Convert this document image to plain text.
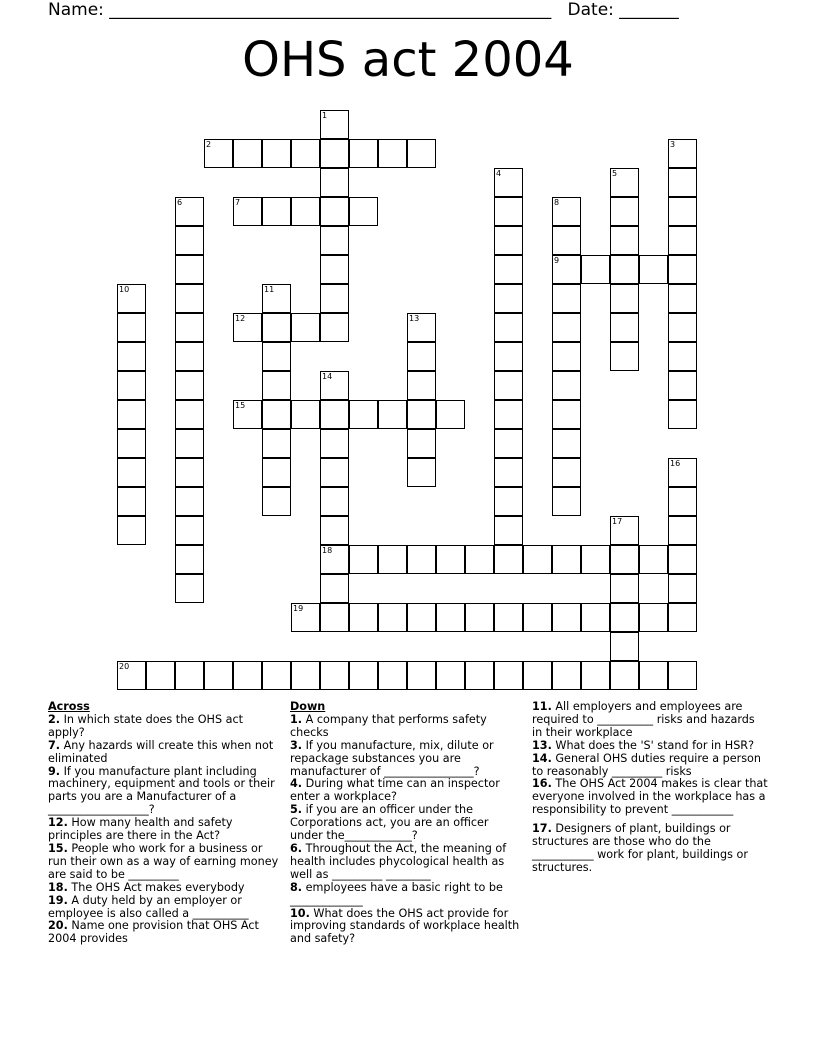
Name: ____________________________________________________ Date: _______
OHS act 2004
1
2	3
4	5
6	7	8
9
10	11
12	13
14
18
15
16
17
19
20
Across

2. In which state does the OHS act apply?

7. Any hazards will create this when not eliminated

9. If you manufacture plant including machinery, equipment and tools or their parts you are a Manufacturer of a __________________?

12. How many health and safety principles are there in the Act?

15. People who work for a business or run their own as a way of earning money are said to be _________

18. The OHS Act makes everybody

19. A duty held by an employer or employee is also called a __________

20. Name one provision that OHS Act 2004 provides

Down

1. A company that performs safety checks

3. If you manufacture, mix, dilute or repackage substances you are manufacturer of ________________?

4. During what time can an inspector enter a workplace?

5. if you are an officer under the Corporations act, you are an officer under the____________?

6. Throughout the Act, the meaning of health includes phycological health as well as _________ ________

8. employees have a basic right to be _____________

10. What does the OHS act provide for improving standards of workplace health and safety?

11. All employers and employees are required to __________ risks and hazards in their workplace

13. What does the 'S' stand for in HSR?

14. General OHS duties require a person to reasonably _________ risks

16. The OHS Act 2004 makes is clear that everyone involved in the workplace has a responsibility to prevent ___________

17. Designers of plant, buildings or structures are those who do the ___________ work for plant, buildings or structures.
